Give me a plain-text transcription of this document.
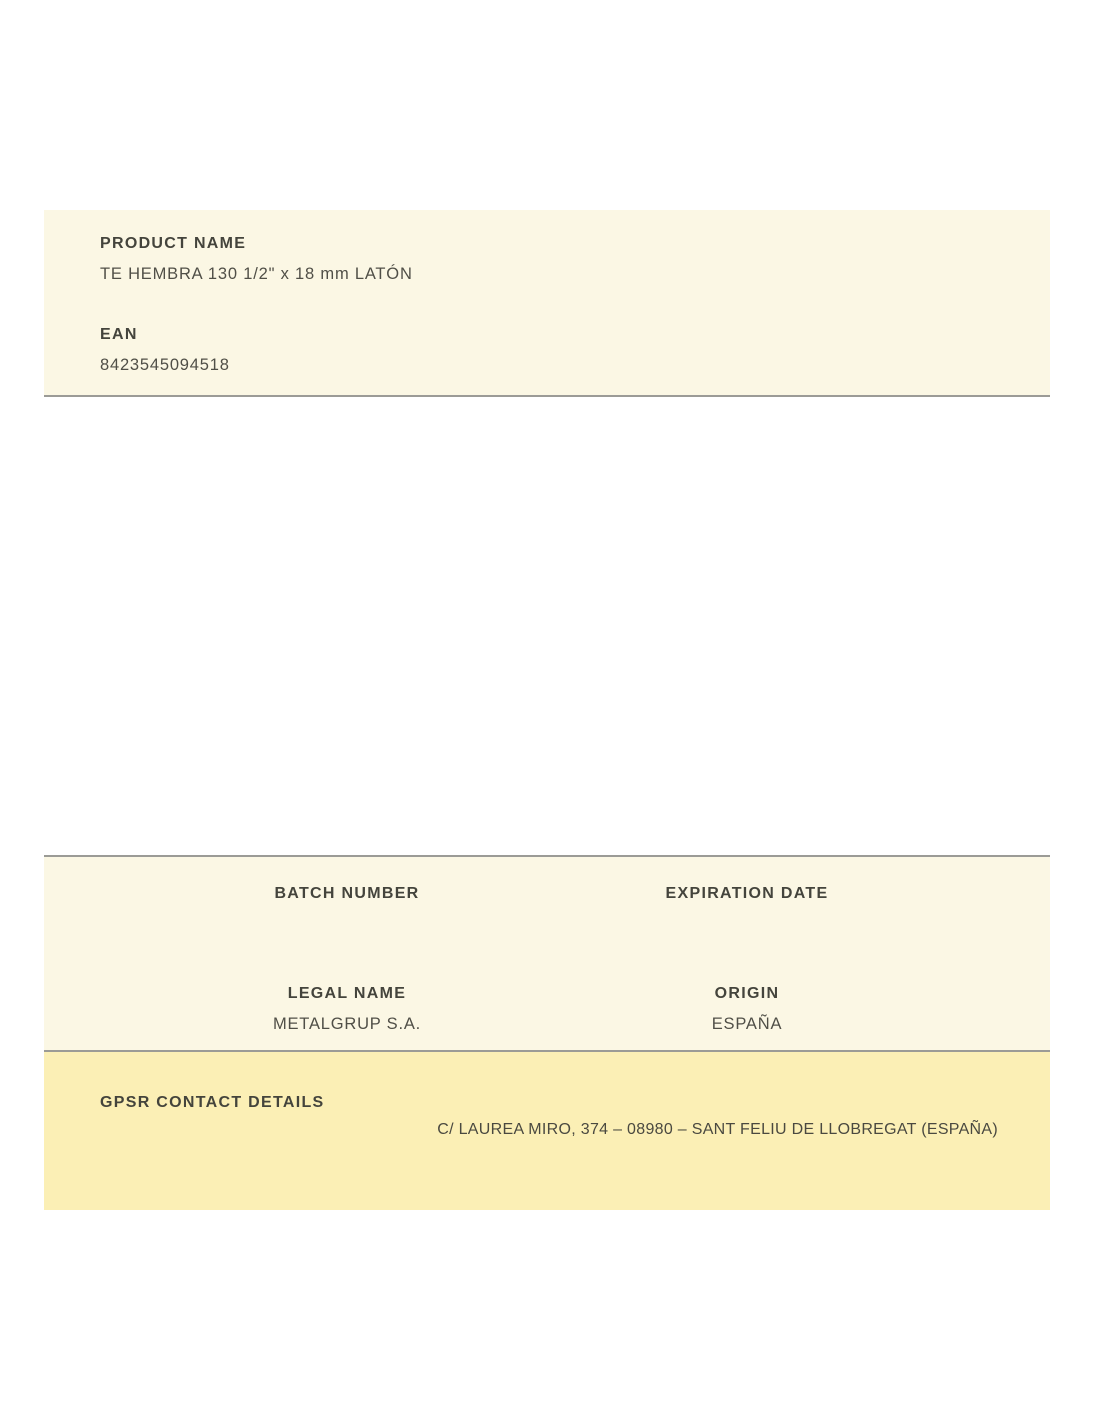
PRODUCT NAME
TE HEMBRA 130 1/2" x 18 mm LATÓN
EAN
8423545094518
BATCH NUMBER	EXPIRATION DATE
LEGAL NAME
METALGRUP S.A.
ORIGIN
ESPAÑA
GPSR CONTACT DETAILS
C/ LAUREA MIRO, 374 – 08980 – SANT FELIU DE LLOBREGAT (ESPAÑA)
